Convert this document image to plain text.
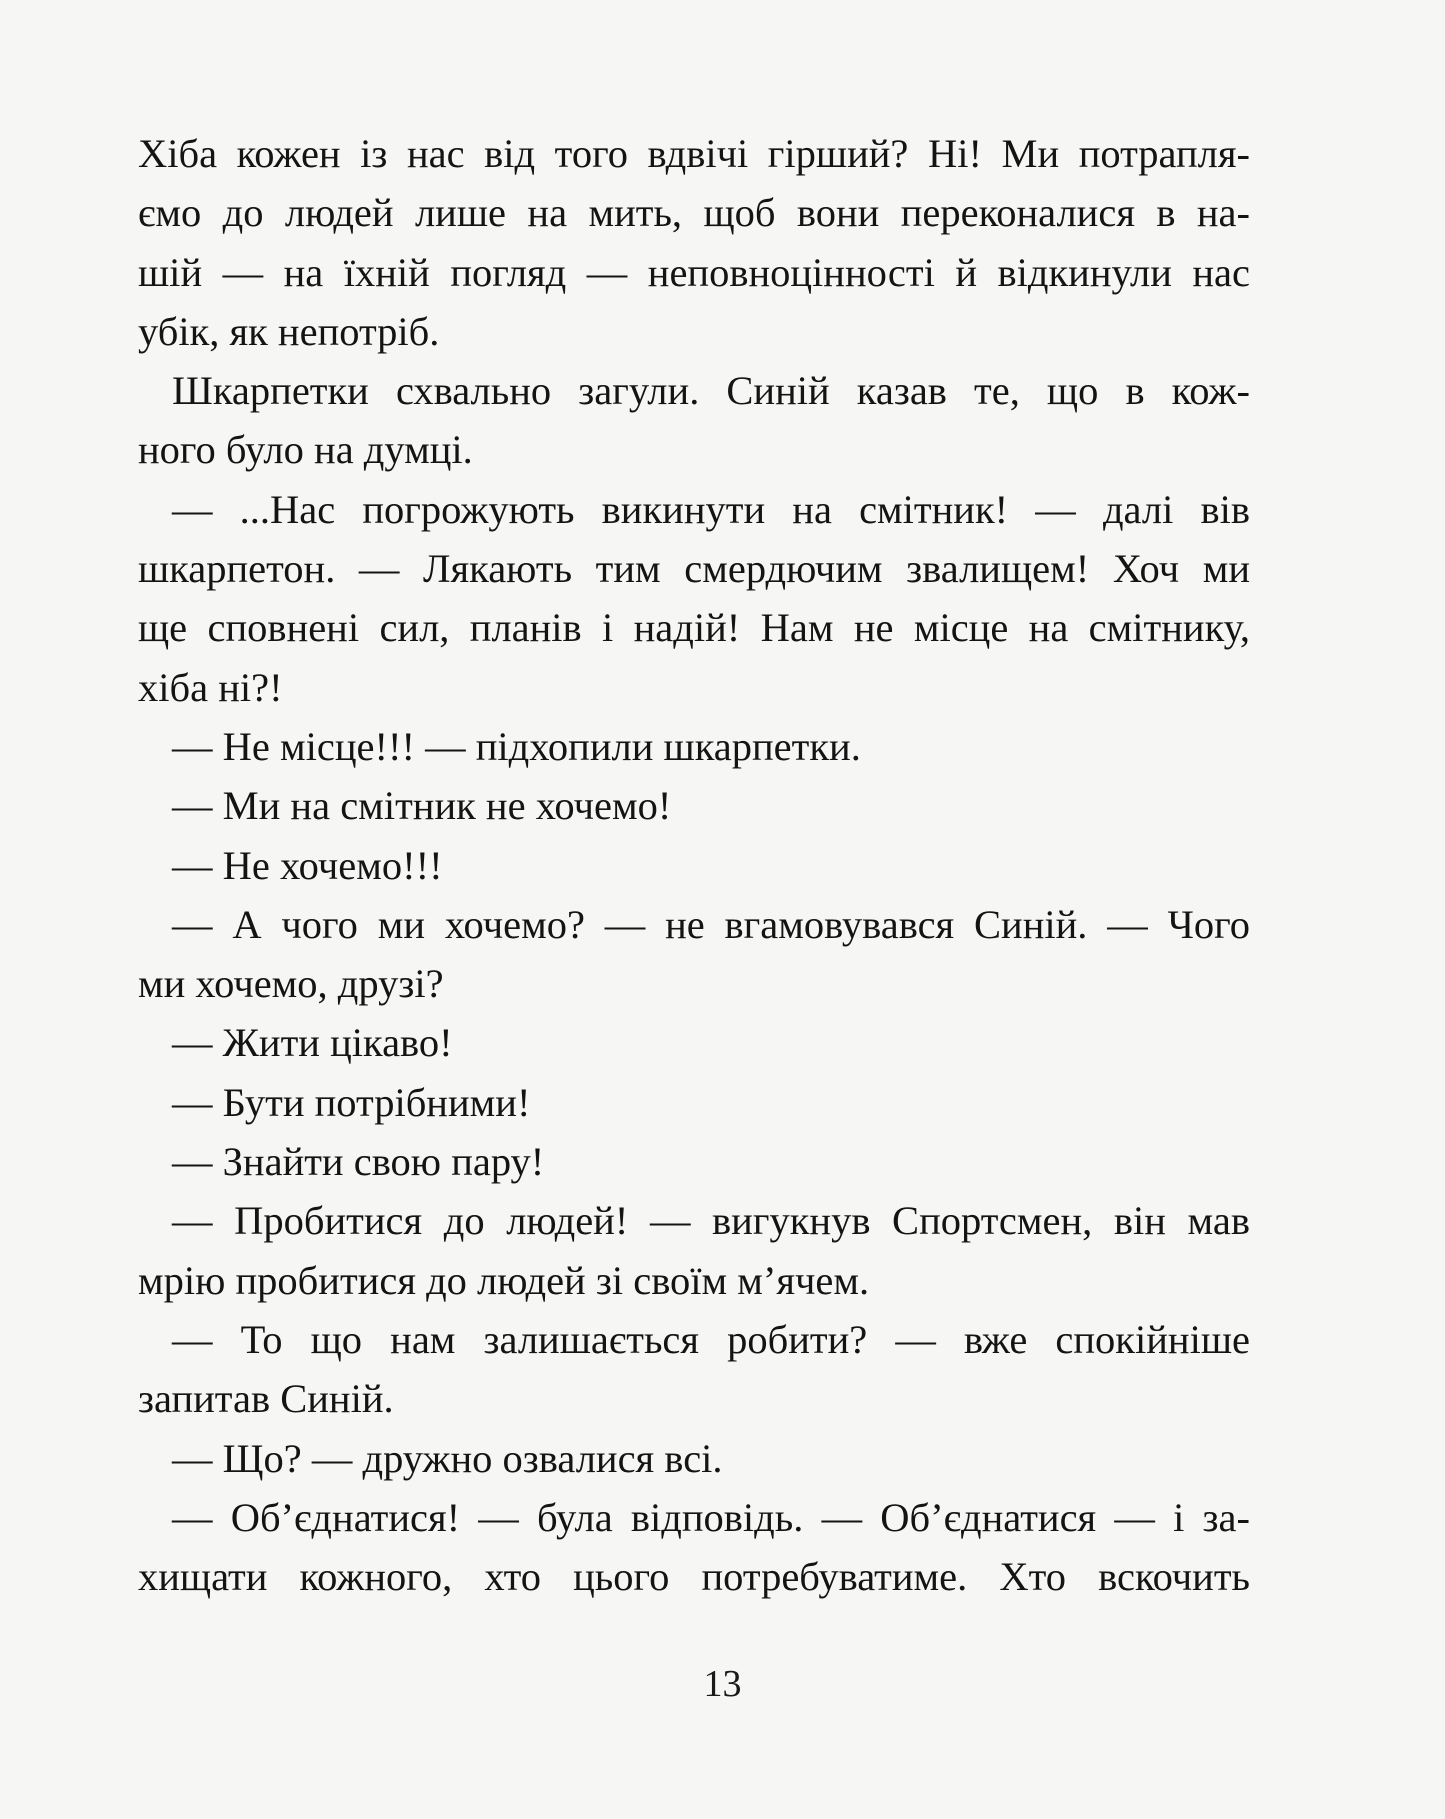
Хіба кожен із нас від того вдвічі гірший? Ні! Ми потрапля-
ємо до людей лише на мить, щоб вони переконалися в на-
шій — на їхній погляд — неповноцінності й відкинули нас
убік, як непотріб.
Шкарпетки схвально загули. Синій казав те, що в кож-
ного було на думці.
— ...Нас погрожують викинути на смітник! — далі вів
шкарпетон. — Лякають тим смердючим звалищем! Хоч ми
ще сповнені сил, планів і надій! Нам не місце на смітнику,
хіба ні?!
— Не місце!!! — підхопили шкарпетки.
— Ми на смітник не хочемо!
— Не хочемо!!!
— А чого ми хочемо? — не вгамовувався Синій. — Чого
ми хочемо, друзі?
— Жити цікаво!
— Бути потрібними!
— Знайти свою пару!
— Пробитися до людей! — вигукнув Спортсмен, він мав
мрію пробитися до людей зі своїм м’ячем.
— То що нам залишається робити? — вже спокійніше
запитав Синій.
— Що? — дружно озвалися всі.
— Об’єднатися! — була відповідь. — Об’єднатися — і за-
хищати кожного, хто цього потребуватиме. Хто вскочить
13
